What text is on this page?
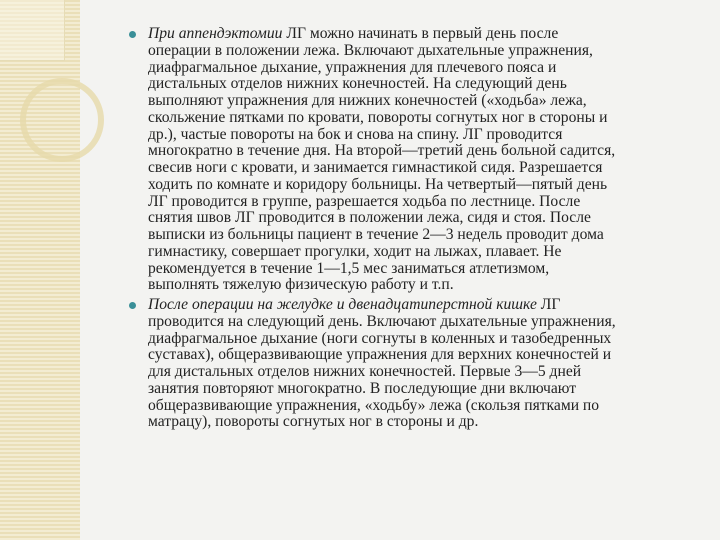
При аппендэктомии ЛГ можно начинать в первый день после
операции в положении лежа. Включают дыхательные упражнения,
диафрагмальное дыхание, упражнения для плечевого пояса и
дистальных отделов нижних конечностей. На следующий день
выполняют упражнения для нижних конечностей («ходьба» лежа,
скольжение пятками по кровати, повороты согнутых ног в стороны и
др.), частые повороты на бок и снова на спину. ЛГ проводится
многократно в течение дня. На второй—третий день больной садится,
свесив ноги с кровати, и занимается гимнастикой сидя. Разрешается
ходить по комнате и коридору больницы. На четвертый—пятый день
ЛГ проводится в группе, разрешается ходьба по лестнице. После
снятия швов ЛГ проводится в положении лежа, сидя и стоя. После
выписки из больницы пациент в течение 2—3 недель проводит дома
гимнастику, совершает прогулки, ходит на лыжах, плавает. Не
рекомендуется в течение 1—1,5 мес заниматься атлетизмом,
выполнять тяжелую физическую работу и т.п.
После операции на желудке и двенадцатиперстной кишке ЛГ
проводится на следующий день. Включают дыхательные упражнения,
диафрагмальное дыхание (ноги согнуты в коленных и тазобедренных
суставах), общеразвивающие упражнения для верхних конечностей и
для дистальных отделов нижних конечностей. Первые 3—5 дней
занятия повторяют многократно. В последующие дни включают
общеразвивающие упражнения, «ходьбу» лежа (скользя пятками по
матрацу), повороты согнутых ног в стороны и др.
